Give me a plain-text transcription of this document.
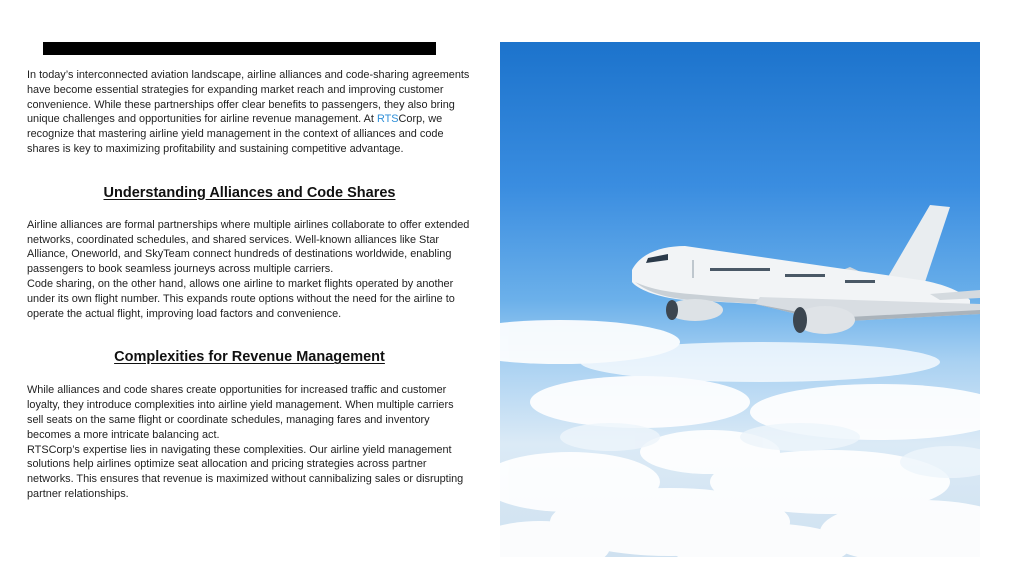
In today’s interconnected aviation landscape, airline alliances and code-sharing agreements have become essential strategies for expanding market reach and improving customer convenience. While these partnerships offer clear benefits to passengers, they also bring unique challenges and opportunities for airline revenue management. At RTSCorp, we recognize that mastering airline yield management in the context of alliances and code shares is key to maximizing profitability and sustaining competitive advantage.

Understanding Alliances and Code Shares

Airline alliances are formal partnerships where multiple airlines collaborate to offer extended networks, coordinated schedules, and shared services. Well-known alliances like Star Alliance, Oneworld, and SkyTeam connect hundreds of destinations worldwide, enabling passengers to book seamless journeys across multiple carriers.

Code sharing, on the other hand, allows one airline to market flights operated by another under its own flight number. This expands route options without the need for the airline to operate the actual flight, improving load factors and convenience.

Complexities for Revenue Management

While alliances and code shares create opportunities for increased traffic and customer loyalty, they introduce complexities into airline yield management. When multiple carriers sell seats on the same flight or coordinate schedules, managing fares and inventory becomes a more intricate balancing act.

RTSCorp’s expertise lies in navigating these complexities. Our airline yield management solutions help airlines optimize seat allocation and pricing strategies across partner networks. This ensures that revenue is maximized without cannibalizing sales or disrupting partner relationships.
